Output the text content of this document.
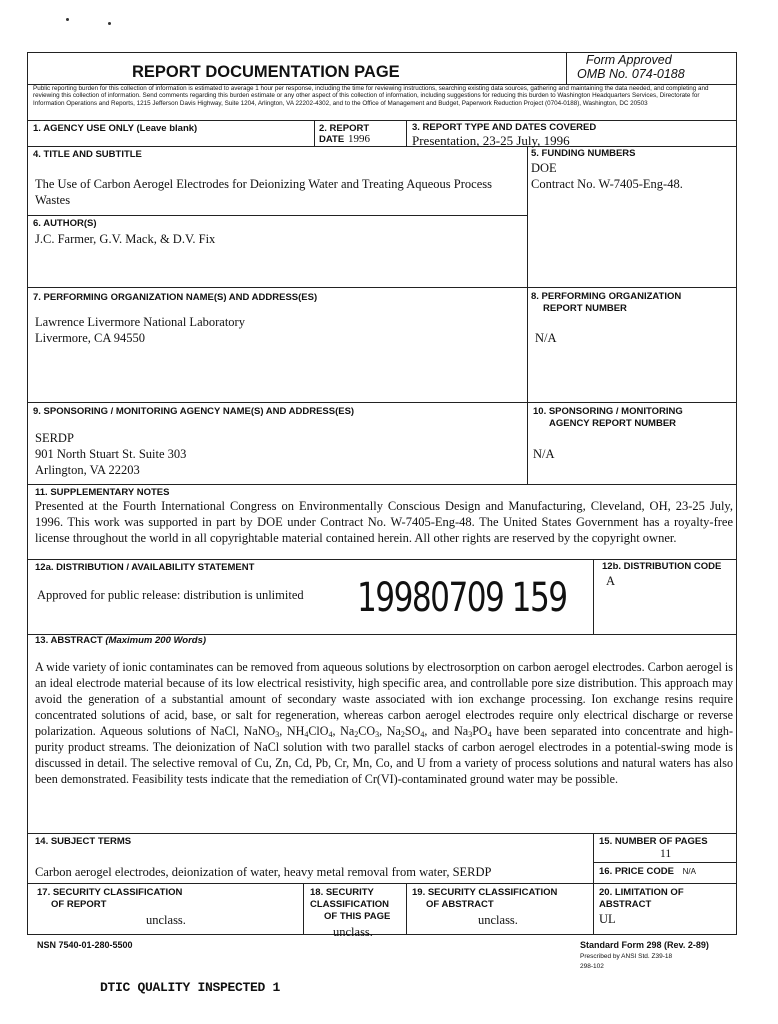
REPORT DOCUMENTATION PAGE
Form Approved
OMB No. 074-0188
Public reporting burden for this collection of information is estimated to average 1 hour per response, including the time for reviewing instructions, searching existing data sources, gathering and maintaining the data needed, and completing and reviewing this collection of information. Send comments regarding this burden estimate or any other aspect of this collection of information, including suggestions for reducing this burden to Washington Headquarters Services, Directorate for Information Operations and Reports, 1215 Jefferson Davis Highway, Suite 1204, Arlington, VA 22202-4302, and to the Office of Management and Budget, Paperwork Reduction Project (0704-0188), Washington, DC 20503
1. AGENCY USE ONLY (Leave blank)	2. REPORT
DATE 1996
3. REPORT TYPE AND DATES COVERED
Presentation, 23-25 July, 1996
4. TITLE AND SUBTITLE
The Use of Carbon Aerogel Electrodes for Deionizing Water and Treating Aqueous Process Wastes
5. FUNDING NUMBERS
DOE
Contract No. W-7405-Eng-48.
6. AUTHOR(S)
J.C. Farmer, G.V. Mack, & D.V. Fix
7. PERFORMING ORGANIZATION NAME(S) AND ADDRESS(ES)
Lawrence Livermore National Laboratory
Livermore, CA 94550
8. PERFORMING ORGANIZATION
REPORT NUMBER
N/A
9. SPONSORING / MONITORING AGENCY NAME(S) AND ADDRESS(ES)
SERDP
901 North Stuart St. Suite 303
Arlington, VA 22203
10. SPONSORING / MONITORING
AGENCY REPORT NUMBER
N/A
11. SUPPLEMENTARY NOTES
Presented at the Fourth International Congress on Environmentally Conscious Design and Manufacturing, Cleveland, OH, 23-25 July, 1996. This work was supported in part by DOE under Contract No. W-7405-Eng-48. The United States Government has a royalty-free license throughout the world in all copyrightable material contained herein. All other rights are reserved by the copyright owner.
12a. DISTRIBUTION / AVAILABILITY STATEMENT
Approved for public release: distribution is unlimited 19980709 159
12b. DISTRIBUTION CODE
A
13. ABSTRACT (Maximum 200 Words)
A wide variety of ionic contaminates can be removed from aqueous solutions by electrosorption on carbon aerogel electrodes. Carbon aerogel is an ideal electrode material because of its low electrical resistivity, high specific area, and controllable pore size distribution. This approach may avoid the generation of a substantial amount of secondary waste associated with ion exchange processing. Ion exchange resins require concentrated solutions of acid, base, or salt for regeneration, whereas carbon aerogel electrodes require only electrical discharge or reverse polarization. Aqueous solutions of NaCl, NaNO$_3$, $NH_4ClO_4$, $Na_2CO_3$, $Na_2SO_4$, and $Na_3PO_4$ have been separated into concentrate and high-purity product streams. The deionization of NaCl solution with two parallel stacks of carbon aerogel electrodes in a potential-swing mode is discussed in detail. The selective removal of Cu, Zn, Cd, Pb, Cr, Mn, Co, and U from a variety of process solutions and natural waters has also been demonstrated. Feasibility tests indicate that the remediation of Cr(VI)-contaminated ground water may be possible.
14. SUBJECT TERMS
Carbon aerogel electrodes, deionization of water, heavy metal removal from water, SERDP
15. NUMBER OF PAGES
11
16. PRICE CODE N/A
17. SECURITY CLASSIFICATION
OF REPORT
unclass.
18. SECURITY
CLASSIFICATION
OF THIS PAGE
unclass.
19. SECURITY CLASSIFICATION
OF ABSTRACT
unclass.
20. LIMITATION OF
ABSTRACT
UL
NSN 7540-01-280-5500	Standard Form 298 (Rev. 2-89)
Prescribed by ANSI Std. Z39-18
298-102
DTIC QUALITY INSPECTED 1
